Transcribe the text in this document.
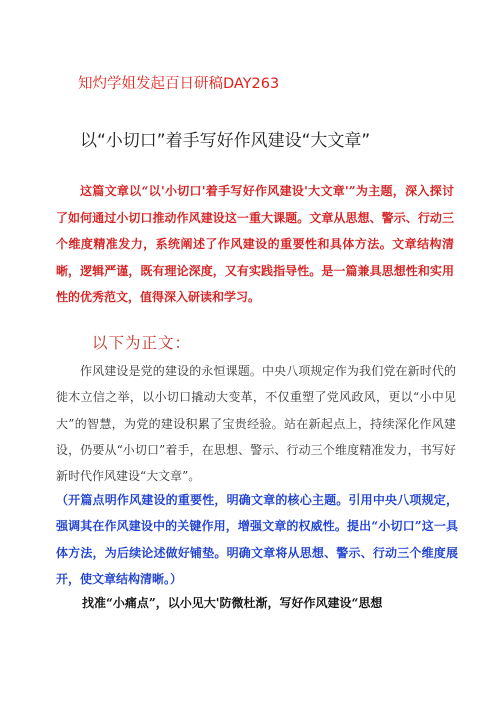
知灼学姐发起百日研稿DAY263
以“小切口”着手写好作风建设“大文章”
这篇文章以“以'小切口'着手写好作风建设'大文章'”为主题，深入探讨了如何通过小切口推动作风建设这一重大课题。文章从思想、警示、行动三个维度精准发力，系统阐述了作风建设的重要性和具体方法。文章结构清晰，逻辑严谨，既有理论深度，又有实践指导性。是一篇兼具思想性和实用性的优秀范文，值得深入研读和学习。
以下为正文：
作风建设是党的建设的永恒课题。中央八项规定作为我们党在新时代的徙木立信之举，以小切口撬动大变革，不仅重塑了党风政风，更以“小中见大”的智慧，为党的建设积累了宝贵经验。站在新起点上，持续深化作风建设，仍要从“小切口”着手，在思想、警示、行动三个维度精准发力，书写好新时代作风建设“大文章”。
（开篇点明作风建设的重要性，明确文章的核心主题。引用中央八项规定，强调其在作风建设中的关键作用，增强文章的权威性。提出“小切口”这一具体方法，为后续论述做好铺垫。明确文章将从思想、警示、行动三个维度展开，使文章结构清晰。）
找准“小痛点”，以小见大'防微杜渐，写好作风建设“思想
